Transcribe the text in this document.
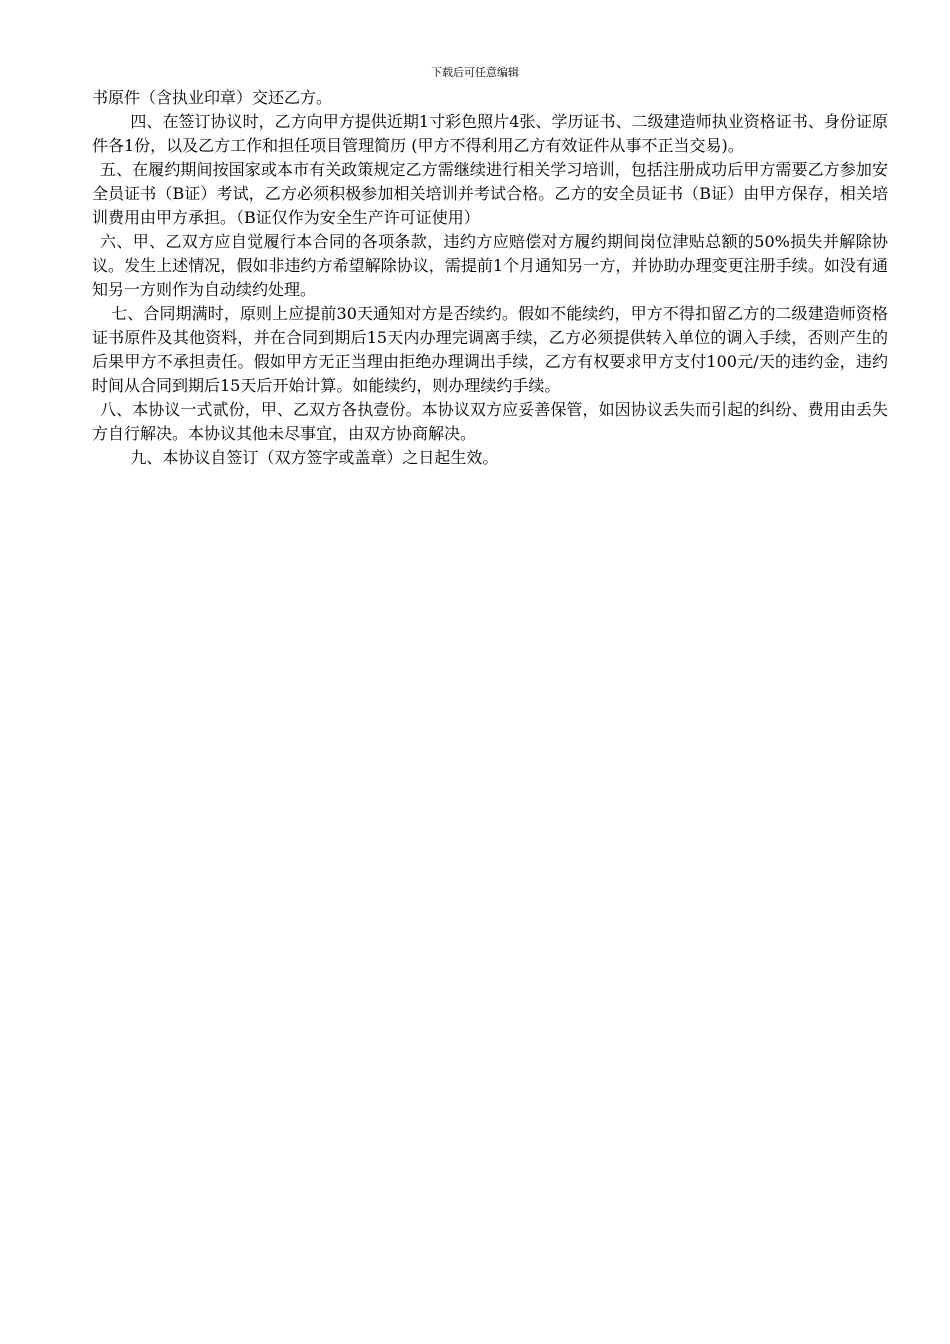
下载后可任意编辑

书原件（含执业印章）交还乙方。

四、在签订协议时，乙方向甲方提供近期1寸彩色照片4张、学历证书、二级建造师执业资格证书、身份证原件各1份，以及乙方工作和担任项目管理简历 (甲方不得利用乙方有效证件从事不正当交易)。

五、在履约期间按国家或本市有关政策规定乙方需继续进行相关学习培训，包括注册成功后甲方需要乙方参加安全员证书（B证）考试，乙方必须积极参加相关培训并考试合格。乙方的安全员证书（B证）由甲方保存，相关培训费用由甲方承担。（B证仅作为安全生产许可证使用）

六、甲、乙双方应自觉履行本合同的各项条款，违约方应赔偿对方履约期间岗位津贴总额的50%损失并解除协议。发生上述情况，假如非违约方希望解除协议，需提前1个月通知另一方，并协助办理变更注册手续。如没有通知另一方则作为自动续约处理。

七、合同期满时，原则上应提前30天通知对方是否续约。假如不能续约，甲方不得扣留乙方的二级建造师资格证书原件及其他资料，并在合同到期后15天内办理完调离手续，乙方必须提供转入单位的调入手续，否则产生的后果甲方不承担责任。假如甲方无正当理由拒绝办理调出手续，乙方有权要求甲方支付100元/天的违约金，违约时间从合同到期后15天后开始计算。如能续约，则办理续约手续。

八、本协议一式贰份，甲、乙双方各执壹份。本协议双方应妥善保管，如因协议丢失而引起的纠纷、费用由丢失方自行解决。本协议其他未尽事宜，由双方协商解决。

九、本协议自签订（双方签字或盖章）之日起生效。
